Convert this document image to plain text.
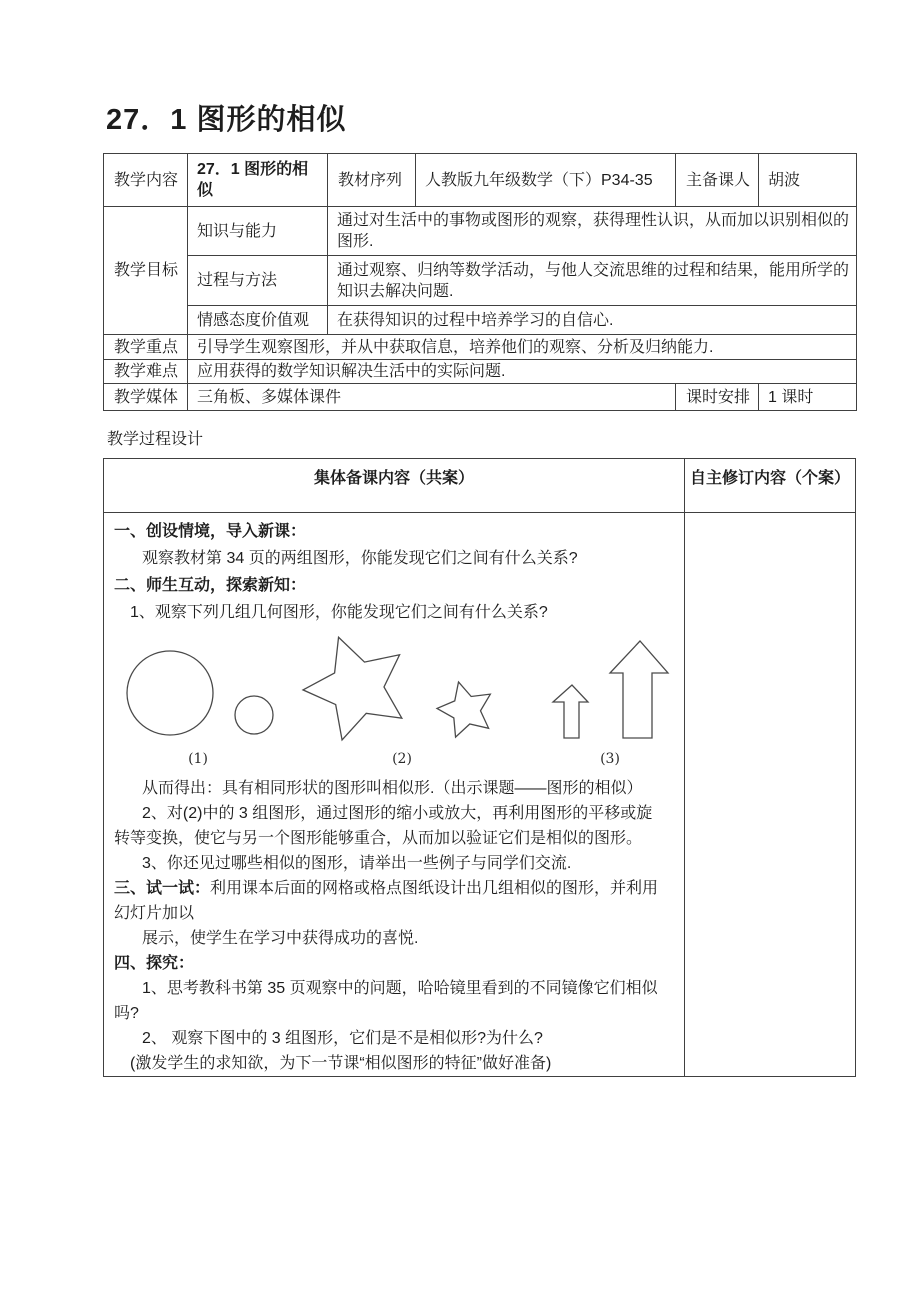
27．1 图形的相似
教学内容	27．1 图形的相似	教材序列	人教版九年级数学（下）P34-35	主备课人	胡波
教学目标	知识与能力	通过对生活中的事物或图形的观察，获得理性认识，从而加以识别相似的图形.			
	过程与方法	通过观察、归纳等数学活动，与他人交流思维的过程和结果，能用所学的知识去解决问题.			
	情感态度价值观	在获得知识的过程中培养学习的自信心.			
教学重点	引导学生观察图形，并从中获取信息，培养他们的观察、分析及归纳能力.				
教学难点	应用获得的数学知识解决生活中的实际问题.				
教学媒体	三角板、多媒体课件			课时安排	1 课时
教学过程设计
集体备课内容（共案）	自主修订内容（个案）

一、创设情境，导入新课：
观察教材第 34 页的两组图形，你能发现它们之间有什么关系?
二、师生互动，探索新知：
1、观察下列几组几何图形，你能发现它们之间有什么关系?
(1)	(2)	(3)
从而得出：具有相同形状的图形叫相似形.（出示课题——图形的相似）
2、对(2)中的 3 组图形，通过图形的缩小或放大，再利用图形的平移或旋
转等变换，使它与另一个图形能够重合，从而加以验证它们是相似的图形。
3、你还见过哪些相似的图形，请举出一些例子与同学们交流.
三、试一试：利用课本后面的网格或格点图纸设计出几组相似的图形，并利用
幻灯片加以
展示，使学生在学习中获得成功的喜悦.
四、探究：
1、思考教科书第 35 页观察中的问题，哈哈镜里看到的不同镜像它们相似
吗?
2、 观察下图中的 3 组图形，它们是不是相似形?为什么?
(激发学生的求知欲，为下一节课“相似图形的特征”做好准备)
